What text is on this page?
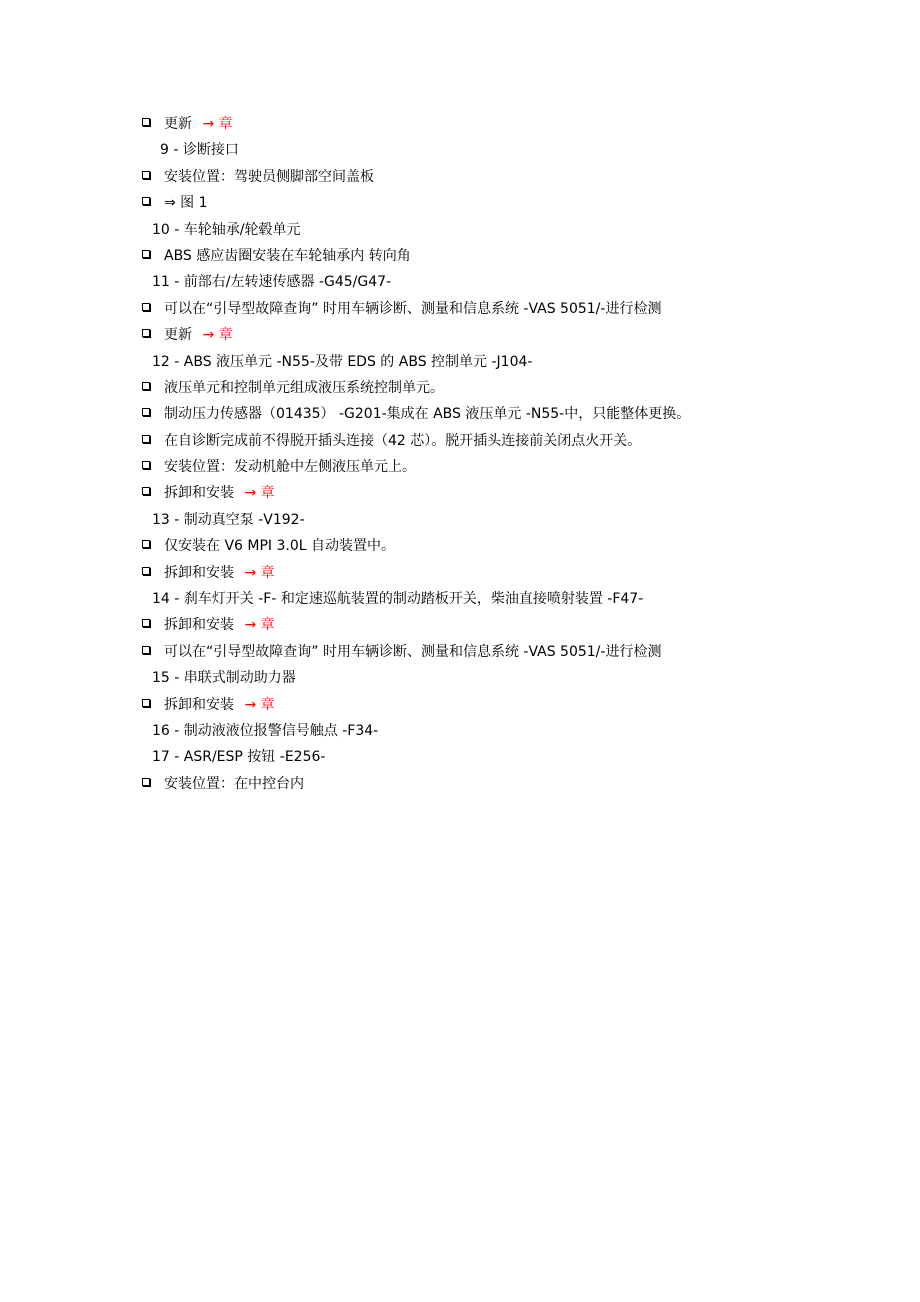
更新 → 章
9 - 诊断接口
安装位置：驾驶员侧脚部空间盖板
⇒ 图 1
10 - 车轮轴承/轮毂单元
ABS 感应齿圈安装在车轮轴承内 转向角
11 - 前部右/左转速传感器 -G45/G47-
可以在“引导型故障查询” 时用车辆诊断、测量和信息系统 -VAS 5051/-进行检测
更新 → 章
12 - ABS 液压单元 -N55-及带 EDS 的 ABS 控制单元 -J104-
液压单元和控制单元组成液压系统控制单元。
制动压力传感器（01435） -G201-集成在 ABS 液压单元 -N55-中，只能整体更换。
在自诊断完成前不得脱开插头连接（42 芯）。脱开插头连接前关闭点火开关。
安装位置：发动机舱中左侧液压单元上。
拆卸和安装 → 章
13 - 制动真空泵 -V192-
仅安装在 V6 MPI 3.0L 自动装置中。
拆卸和安装 → 章
14 - 刹车灯开关 -F- 和定速巡航装置的制动踏板开关，柴油直接喷射装置 -F47-
拆卸和安装 → 章
可以在“引导型故障查询” 时用车辆诊断、测量和信息系统 -VAS 5051/-进行检测
15 - 串联式制动助力器
拆卸和安装 → 章
16 - 制动液液位报警信号触点 -F34-
17 - ASR/ESP 按钮 -E256-
安装位置：在中控台内
